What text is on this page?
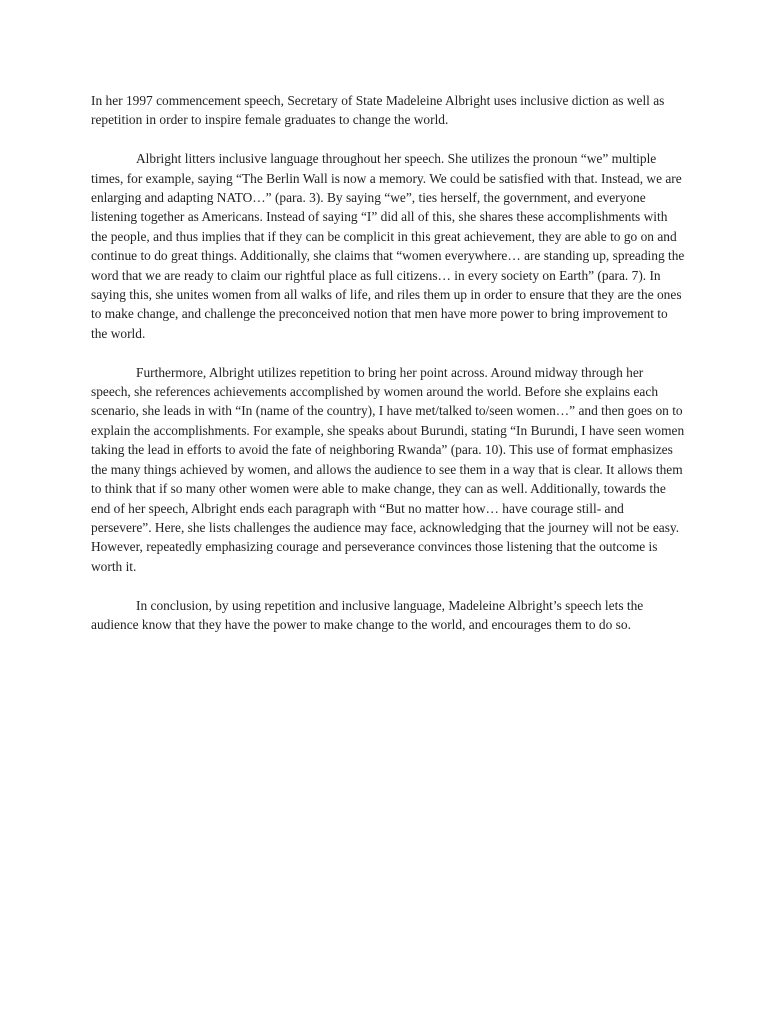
In her 1997 commencement speech, Secretary of State Madeleine Albright uses inclusive diction as well as repetition in order to inspire female graduates to change the world.

Albright litters inclusive language throughout her speech. She utilizes the pronoun “we” multiple times, for example, saying “The Berlin Wall is now a memory. We could be satisfied with that. Instead, we are enlarging and adapting NATO…” (para. 3). By saying “we”, ties herself, the government, and everyone listening together as Americans. Instead of saying “I” did all of this, she shares these accomplishments with the people, and thus implies that if they can be complicit in this great achievement, they are able to go on and continue to do great things. Additionally, she claims that “women everywhere… are standing up, spreading the word that we are ready to claim our rightful place as full citizens… in every society on Earth” (para. 7). In saying this, she unites women from all walks of life, and riles them up in order to ensure that they are the ones to make change, and challenge the preconceived notion that men have more power to bring improvement to the world.

Furthermore, Albright utilizes repetition to bring her point across. Around midway through her speech, she references achievements accomplished by women around the world. Before she explains each scenario, she leads in with “In (name of the country), I have met/talked to/seen women…” and then goes on to explain the accomplishments. For example, she speaks about Burundi, stating “In Burundi, I have seen women taking the lead in efforts to avoid the fate of neighboring Rwanda” (para. 10). This use of format emphasizes the many things achieved by women, and allows the audience to see them in a way that is clear. It allows them to think that if so many other women were able to make change, they can as well. Additionally, towards the end of her speech, Albright ends each paragraph with “But no matter how… have courage still- and persevere”. Here, she lists challenges the audience may face, acknowledging that the journey will not be easy. However, repeatedly emphasizing courage and perseverance convinces those listening that the outcome is worth it.

In conclusion, by using repetition and inclusive language, Madeleine Albright’s speech lets the audience know that they have the power to make change to the world, and encourages them to do so.
